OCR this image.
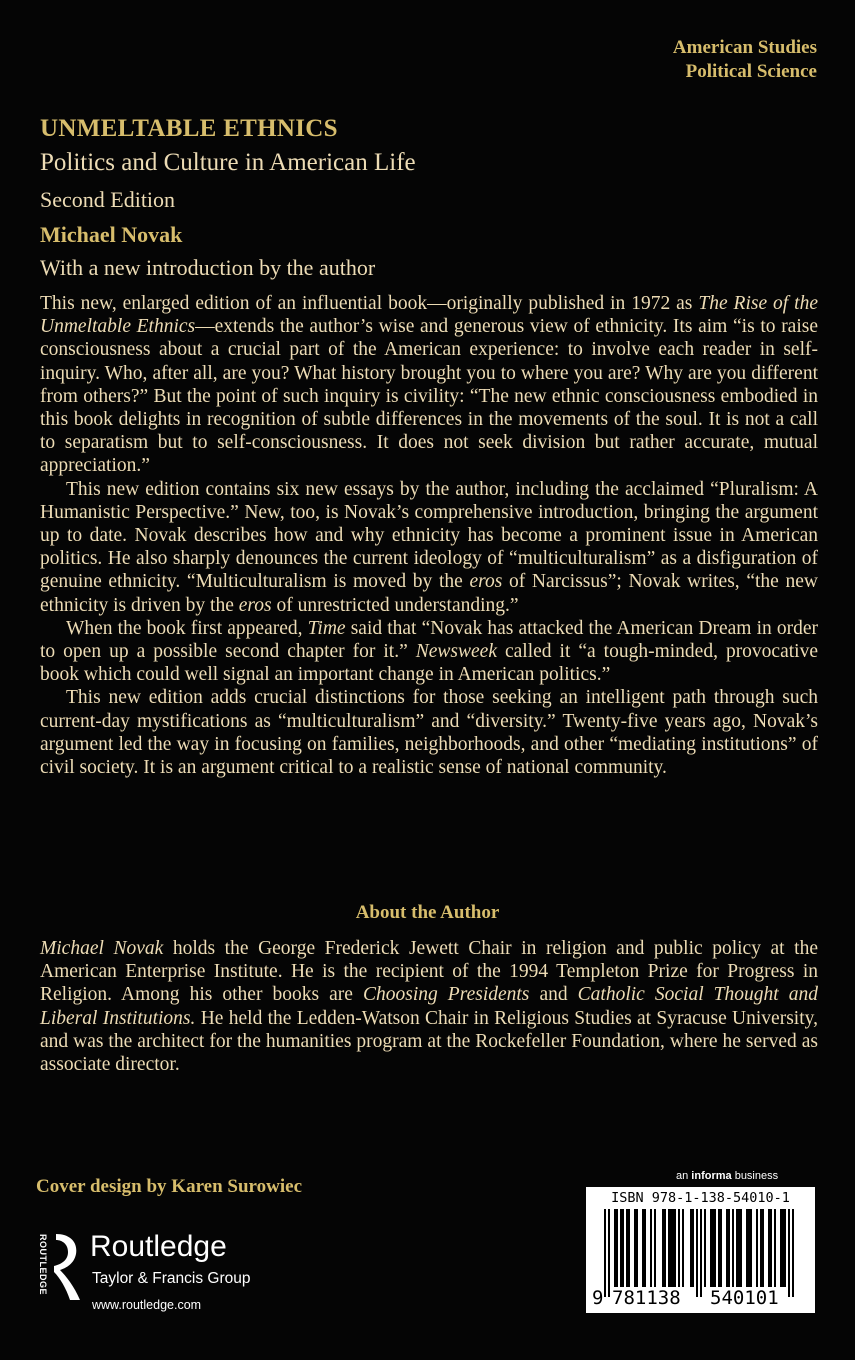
American Studies
Political Science
UNMELTABLE ETHNICS
Politics and Culture in American Life
Second Edition
Michael Novak
With a new introduction by the author

This new, enlarged edition of an influential book—originally published in 1972 as The Rise of the Unmeltable Ethnics—extends the author’s wise and generous view of ethnicity. Its aim “is to raise consciousness about a crucial part of the American experience: to involve each reader in self-inquiry. Who, after all, are you? What history brought you to where you are? Why are you different from others?” But the point of such inquiry is civility: “The new ethnic consciousness embodied in this book delights in recognition of subtle differences in the movements of the soul. It is not a call to separatism but to self-consciousness. It does not seek division but rather accurate, mutual appreciation.”

This new edition contains six new essays by the author, including the acclaimed “Pluralism: A Humanistic Perspective.” New, too, is Novak’s comprehensive introduction, bringing the argument up to date. Novak describes how and why ethnicity has become a prominent issue in American politics. He also sharply denounces the current ideology of “multiculturalism” as a disfiguration of genuine ethnicity. “Multiculturalism is moved by the eros of Narcissus”; Novak writes, “the new ethnicity is driven by the eros of unrestricted understanding.”

When the book first appeared, Time said that “Novak has attacked the American Dream in order to open up a possible second chapter for it.” Newsweek called it “a tough-minded, provocative book which could well signal an important change in American politics.”

This new edition adds crucial distinctions for those seeking an intelligent path through such current-day mystifications as “multiculturalism” and “diversity.” Twenty-five years ago, Novak’s argument led the way in focusing on families, neighborhoods, and other “mediating institutions” of civil society. It is an argument critical to a realistic sense of national community.

About the Author

Michael Novak holds the George Frederick Jewett Chair in religion and public policy at the American Enterprise Institute. He is the recipient of the 1994 Templeton Prize for Progress in Religion. Among his other books are Choosing Presidents and Catholic Social Thought and Liberal Institutions. He held the Ledden-Watson Chair in Religious Studies at Syracuse University, and was the architect for the humanities program at the Rockefeller Foundation, where he served as associate director.

Cover design by Karen Surowiec
ROUTLEDGE Routledge
Taylor & Francis Group
www.routledge.com
an informa business
ISBN 978-1-138-54010-1
9 781138 540101
